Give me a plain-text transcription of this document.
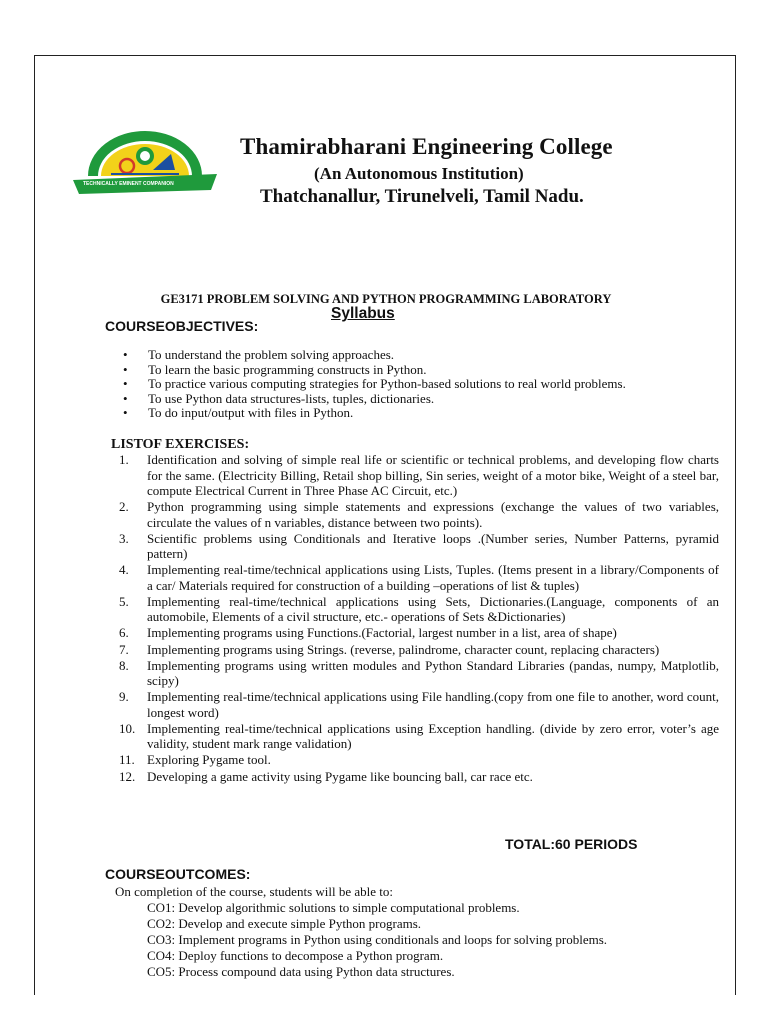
TECHNICALLY EMINENT COMPANION
Thamirabharani Engineering College
(An Autonomous Institution)
Thatchanallur, Tirunelveli, Tamil Nadu.
GE3171 PROBLEM SOLVING AND PYTHON PROGRAMMING LABORATORY
Syllabus
COURSEOBJECTIVES:
• To understand the problem solving approaches.
• To learn the basic programming constructs in Python.
• To practice various computing strategies for Python-based solutions to real world problems.
• To use Python data structures-lists, tuples, dictionaries.
• To do input/output with files in Python.
LISTOF EXERCISES:
1. Identification and solving of simple real life or scientific or technical problems, and developing flow charts for the same. (Electricity Billing, Retail shop billing, Sin series, weight of a motor bike, Weight of a steel bar, compute Electrical Current in Three Phase AC Circuit, etc.)
2. Python programming using simple statements and expressions (exchange the values of two variables, circulate the values of n variables, distance between two points).
3. Scientific problems using Conditionals and Iterative loops .(Number series, Number Patterns, pyramid pattern)
4. Implementing real-time/technical applications using Lists, Tuples. (Items present in a library/Components of a car/ Materials required for construction of a building –operations of list & tuples)
5. Implementing real-time/technical applications using Sets, Dictionaries.(Language, components of an automobile, Elements of a civil structure, etc.- operations of Sets &Dictionaries)
6. Implementing programs using Functions.(Factorial, largest number in a list, area of shape)
7. Implementing programs using Strings. (reverse, palindrome, character count, replacing characters)
8. Implementing programs using written modules and Python Standard Libraries (pandas, numpy, Matplotlib, scipy)
9. Implementing real-time/technical applications using File handling.(copy from one file to another, word count, longest word)
10. Implementing real-time/technical applications using Exception handling. (divide by zero error, voter’s age validity, student mark range validation)
11. Exploring Pygame tool.
12. Developing a game activity using Pygame like bouncing ball, car race etc.
TOTAL:60 PERIODS
COURSEOUTCOMES:
On completion of the course, students will be able to:
CO1: Develop algorithmic solutions to simple computational problems.
CO2: Develop and execute simple Python programs.
CO3: Implement programs in Python using conditionals and loops for solving problems.
CO4: Deploy functions to decompose a Python program.
CO5: Process compound data using Python data structures.
